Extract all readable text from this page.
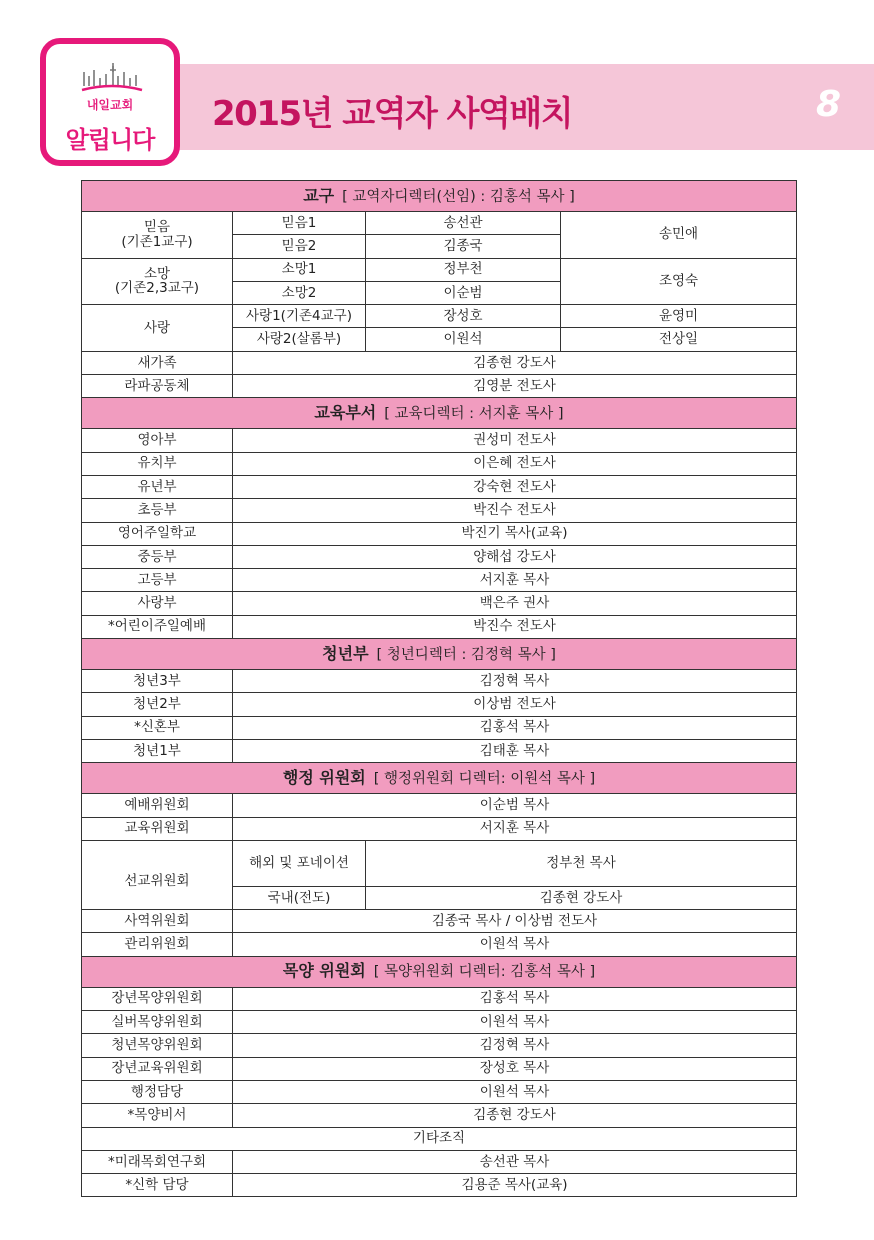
내일교회
알립니다
2015년 교역자 사역배치	8
교구 [ 교역자디렉터(선임) : 김홍석 목사 ]			
믿음
(기존1교구)	믿음1	송선관	송민애
	믿음2	김종국	
소망
(기존2,3교구)	소망1	정부천	조영숙
	소망2	이순범	
사랑	사랑1(기존4교구)	장성호	윤영미
	사랑2(살롬부)	이원석	전상일
새가족	김종현 강도사		
라파공동체	김영분 전도사		
교육부서 [ 교육디렉터 : 서지훈 목사 ]			
영아부	권성미 전도사		
유치부	이은혜 전도사		
유년부	강숙현 전도사		
초등부	박진수 전도사		
영어주일학교	박진기 목사(교육)		
중등부	양해섭 강도사		
고등부	서지훈 목사		
사랑부	백은주 권사		
*어린이주일예배	박진수 전도사		
청년부 [ 청년디렉터 : 김정혁 목사 ]			
청년3부	김정혁 목사		
청년2부	이상범 전도사		
*신혼부	김홍석 목사		
청년1부	김태훈 목사		
행정 위원회 [ 행정위원회 디렉터: 이원석 목사 ]			
예배위원회	이순범 목사		
교육위원회	서지훈 목사		
선교위원회	해외 및 포네이션	정부천 목사	
	국내(전도)	김종현 강도사	
사역위원회	김종국 목사 / 이상범 전도사		
관리위원회	이원석 목사		
목양 위원회 [ 목양위원회 디렉터: 김홍석 목사 ]			
장년목양위원회	김홍석 목사		
실버목양위원회	이원석 목사		
청년목양위원회	김정혁 목사		
장년교육위원회	장성호 목사		
행정담당	이원석 목사		
*목양비서	김종현 강도사		
기타조직			
*미래목회연구회	송선관 목사		
*신학 담당	김용준 목사(교육)		
